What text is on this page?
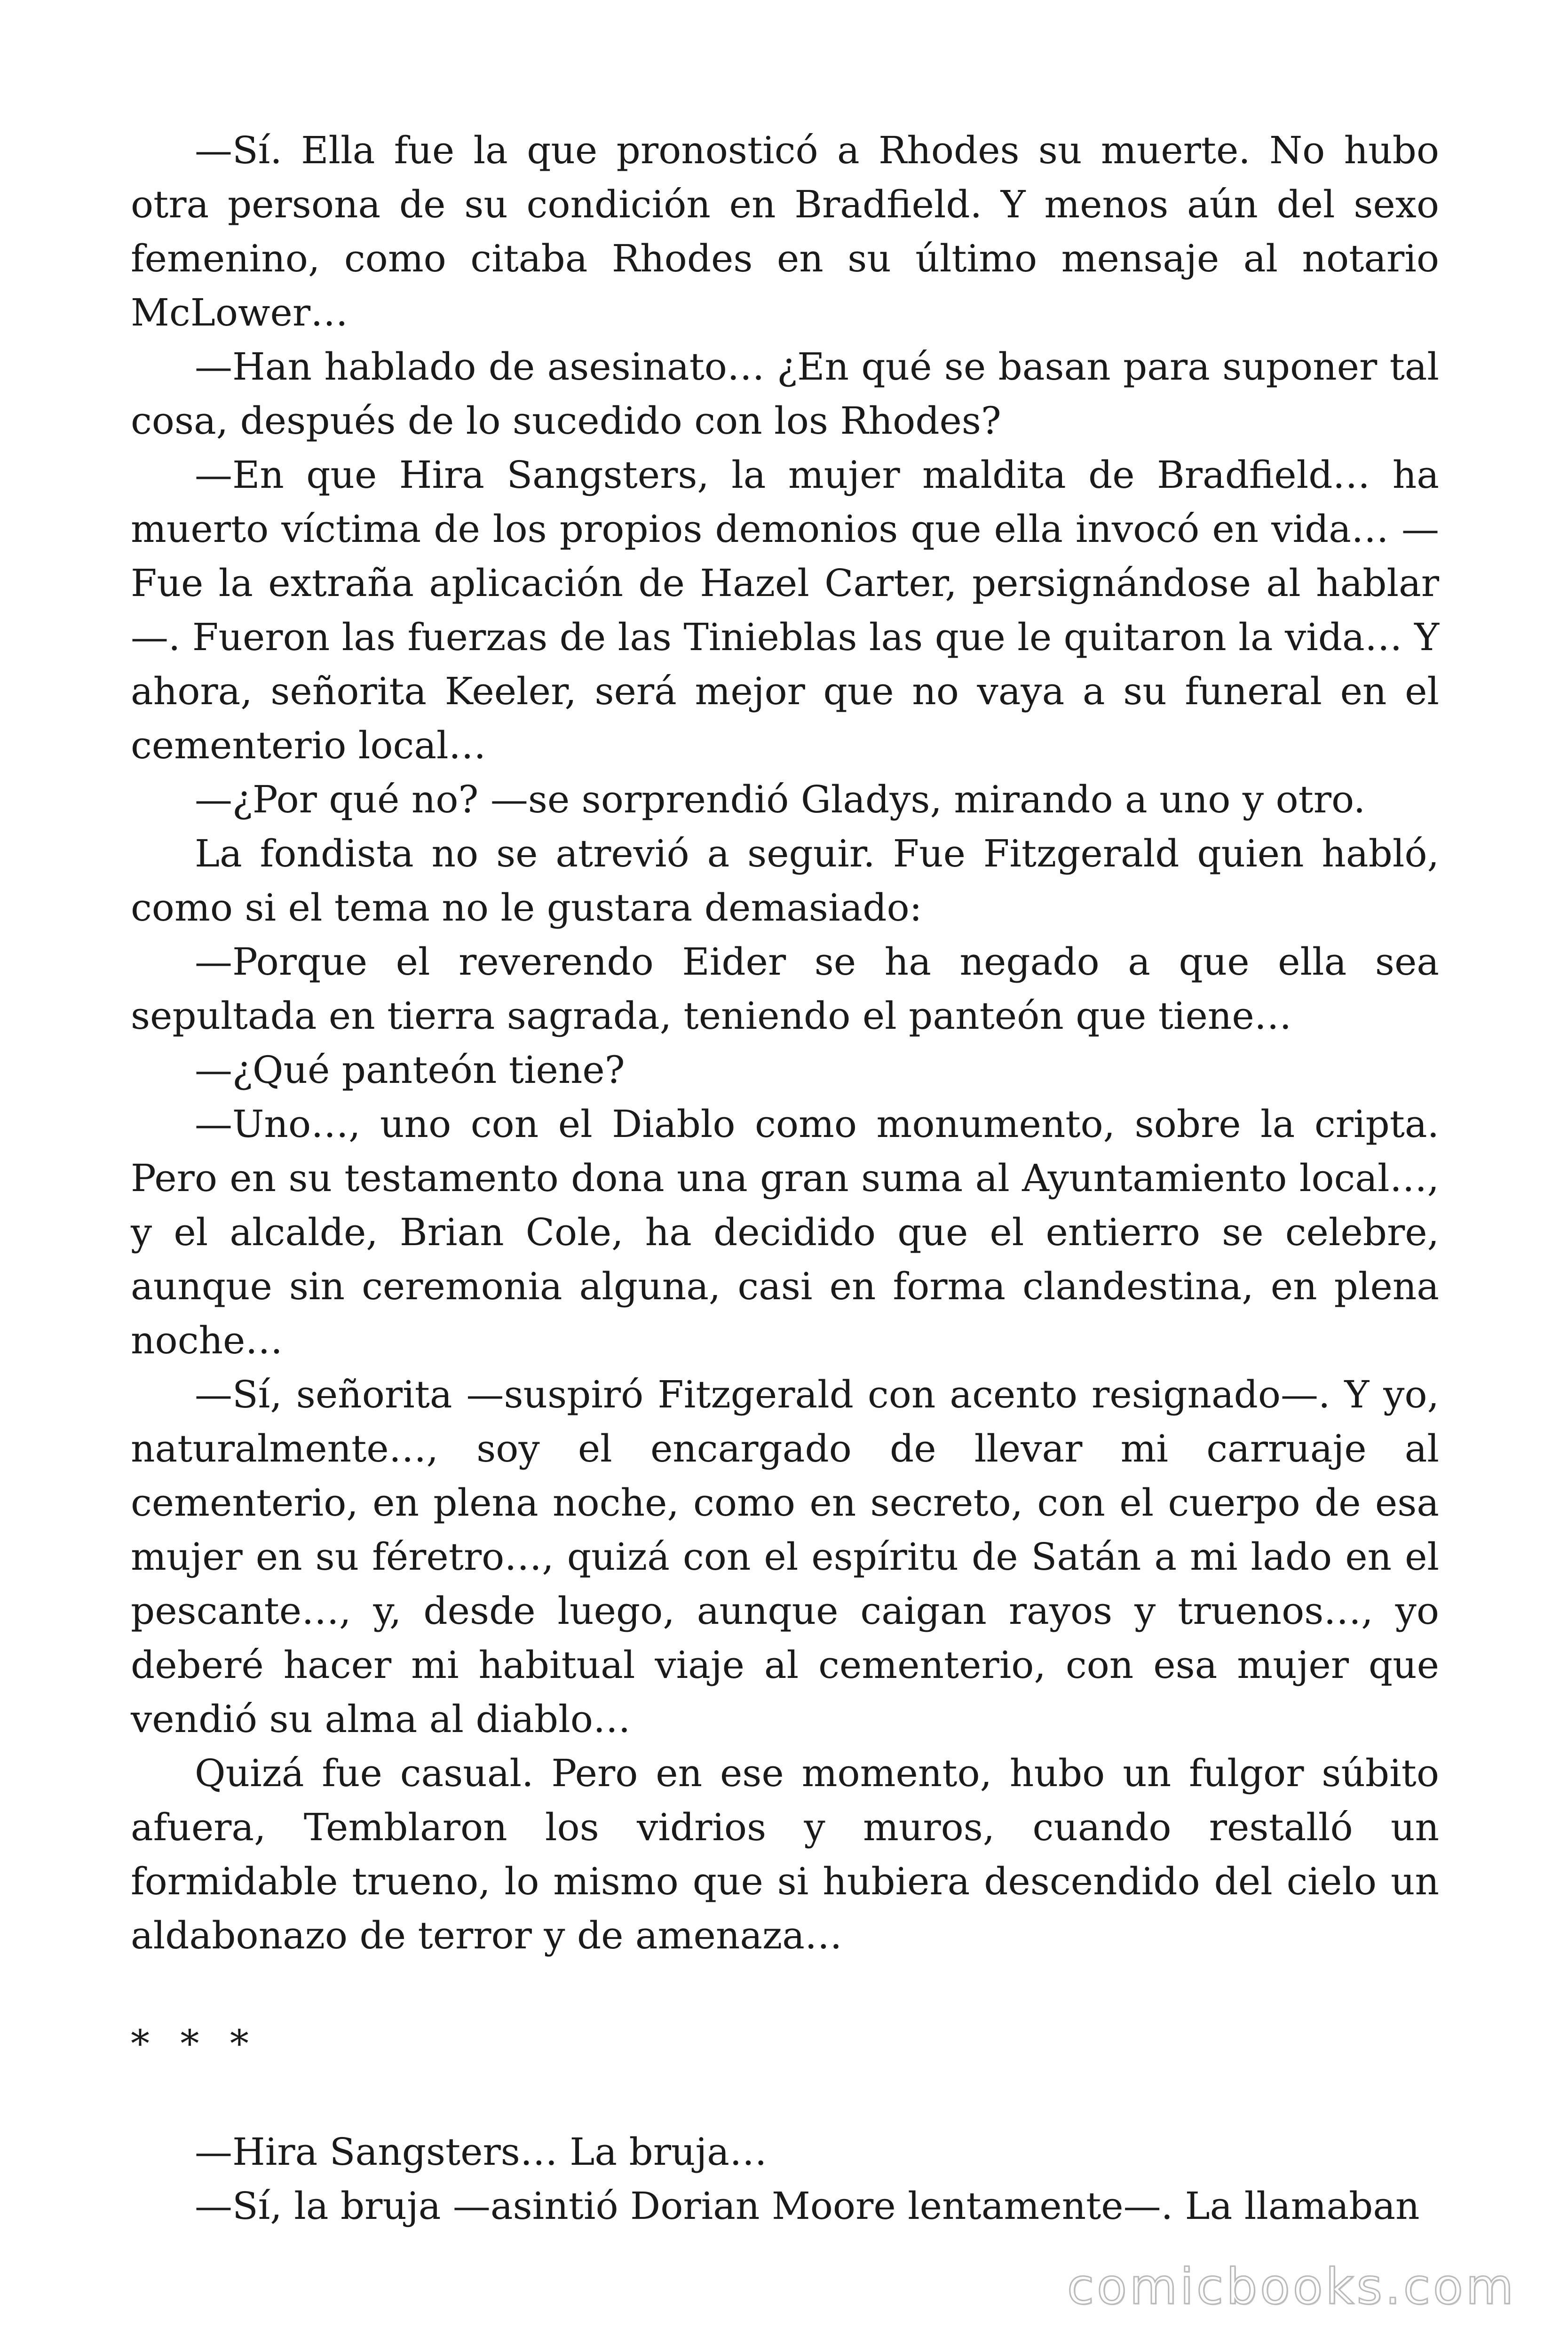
—Sí. Ella fue la que pronosticó a Rhodes su muerte. No hubo otra persona de su condición en Bradfield. Y menos aún del sexo femenino, como citaba Rhodes en su último mensaje al notario McLower…

—Han hablado de asesinato… ¿En qué se basan para suponer tal cosa, después de lo sucedido con los Rhodes?

—En que Hira Sangsters, la mujer maldita de Bradfield… ha muerto víctima de los propios demonios que ella invocó en vida… —Fue la extraña aplicación de Hazel Carter, persignándose al hablar—. Fueron las fuerzas de las Tinieblas las que le quitaron la vida… Y ahora, señorita Keeler, será mejor que no vaya a su funeral en el cementerio local…

—¿Por qué no? —se sorprendió Gladys, mirando a uno y otro.

La fondista no se atrevió a seguir. Fue Fitzgerald quien habló, como si el tema no le gustara demasiado:

—Porque el reverendo Eider se ha negado a que ella sea sepultada en tierra sagrada, teniendo el panteón que tiene…

—¿Qué panteón tiene?

—Uno…, uno con el Diablo como monumento, sobre la cripta. Pero en su testamento dona una gran suma al Ayuntamiento local…, y el alcalde, Brian Cole, ha decidido que el entierro se celebre, aunque sin ceremonia alguna, casi en forma clandestina, en plena noche…

—Sí, señorita —suspiró Fitzgerald con acento resignado—. Y yo, naturalmente…, soy el encargado de llevar mi carruaje al cementerio, en plena noche, como en secreto, con el cuerpo de esa mujer en su féretro…, quizá con el espíritu de Satán a mi lado en el pescante…, y, desde luego, aunque caigan rayos y truenos…, yo deberé hacer mi habitual viaje al cementerio, con esa mujer que vendió su alma al diablo…

Quizá fue casual. Pero en ese momento, hubo un fulgor súbito afuera, Temblaron los vidrios y muros, cuando restalló un formidable trueno, lo mismo que si hubiera descendido del cielo un aldabonazo de terror y de amenaza…

* * *

—Hira Sangsters… La bruja…

—Sí, la bruja —asintió Dorian Moore lentamente—. La llamaban

comicbooks.com
